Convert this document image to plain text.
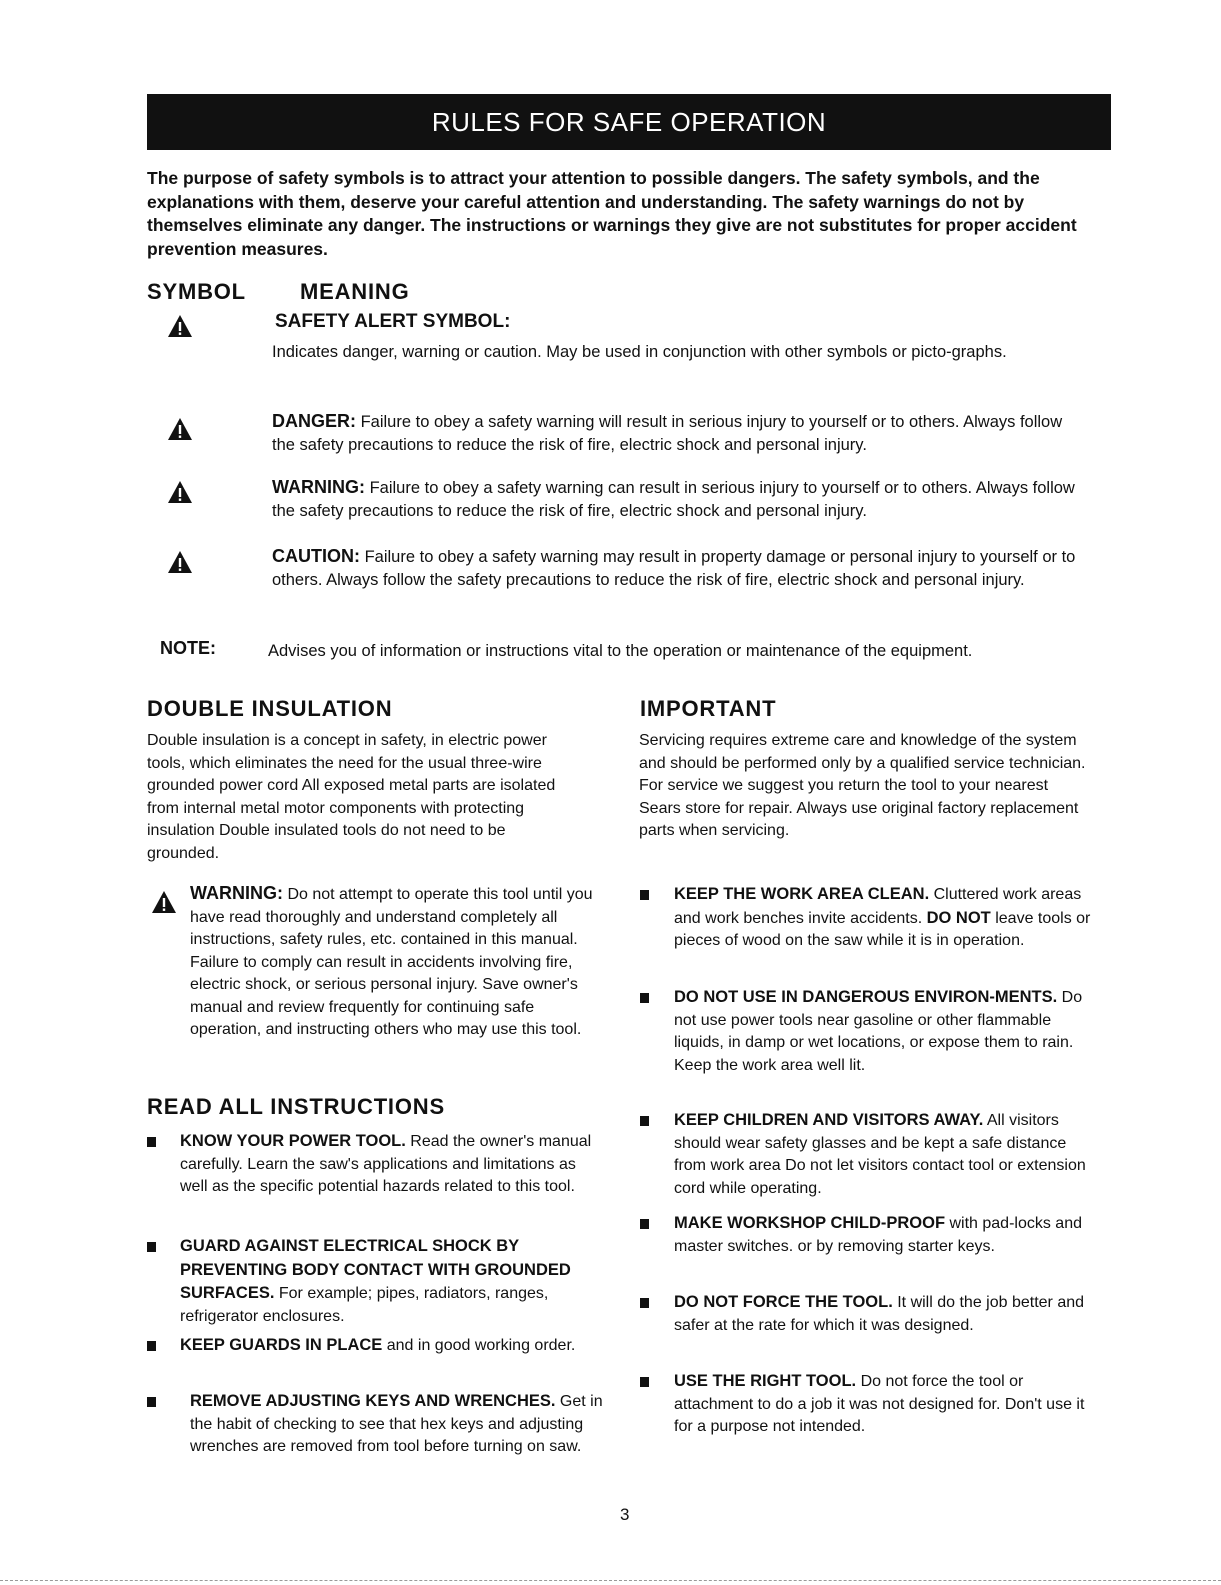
RULES FOR SAFE OPERATION
The purpose of safety symbols is to attract your attention to possible dangers. The safety symbols, and the explanations with them, deserve your careful attention and understanding. The safety warnings do not by themselves eliminate any danger. The instructions or warnings they give are not substitutes for proper accident prevention measures.
SYMBOL MEANING
SAFETY ALERT SYMBOL:
Indicates danger, warning or caution. May be used in conjunction with other symbols or picto-graphs.
DANGER: Failure to obey a safety warning will result in serious injury to yourself or to others. Always follow the safety precautions to reduce the risk of fire, electric shock and personal injury.
WARNING: Failure to obey a safety warning can result in serious injury to yourself or to others. Always follow the safety precautions to reduce the risk of fire, electric shock and personal injury.
CAUTION: Failure to obey a safety warning may result in property damage or personal injury to yourself or to others. Always follow the safety precautions to reduce the risk of fire, electric shock and personal injury.
NOTE:	Advises you of information or instructions vital to the operation or maintenance of the equipment.
DOUBLE INSULATION
Double insulation is a concept in safety, in electric power tools, which eliminates the need for the usual three-wire grounded power cord All exposed metal parts are isolated from internal metal motor components with protecting insulation Double insulated tools do not need to be grounded.
WARNING: Do not attempt to operate this tool until you have read thoroughly and understand completely all instructions, safety rules, etc. contained in this manual. Failure to comply can result in accidents involving fire, electric shock, or serious personal injury. Save owner's manual and review frequently for continuing safe operation, and instructing others who may use this tool.
READ ALL INSTRUCTIONS
KNOW YOUR POWER TOOL. Read the owner's manual carefully. Learn the saw's applications and limitations as well as the specific potential hazards related to this tool.
GUARD AGAINST ELECTRICAL SHOCK BY PREVENTING BODY CONTACT WITH GROUNDED SURFACES. For example; pipes, radiators, ranges, refrigerator enclosures.
KEEP GUARDS IN PLACE and in good working order.
REMOVE ADJUSTING KEYS AND WRENCHES. Get in the habit of checking to see that hex keys and adjusting wrenches are removed from tool before turning on saw.
IMPORTANT
Servicing requires extreme care and knowledge of the system and should be performed only by a qualified service technician. For service we suggest you return the tool to your nearest Sears store for repair. Always use original factory replacement parts when servicing.
KEEP THE WORK AREA CLEAN. Cluttered work areas and work benches invite accidents. DO NOT leave tools or pieces of wood on the saw while it is in operation.
DO NOT USE IN DANGEROUS ENVIRON-MENTS. Do not use power tools near gasoline or other flammable liquids, in damp or wet locations, or expose them to rain. Keep the work area well lit.
KEEP CHILDREN AND VISITORS AWAY. All visitors should wear safety glasses and be kept a safe distance from work area Do not let visitors contact tool or extension cord while operating.
MAKE WORKSHOP CHILD-PROOF with pad-locks and master switches. or by removing starter keys.
DO NOT FORCE THE TOOL. It will do the job better and safer at the rate for which it was designed.
USE THE RIGHT TOOL. Do not force the tool or attachment to do a job it was not designed for. Don't use it for a purpose not intended.
3
